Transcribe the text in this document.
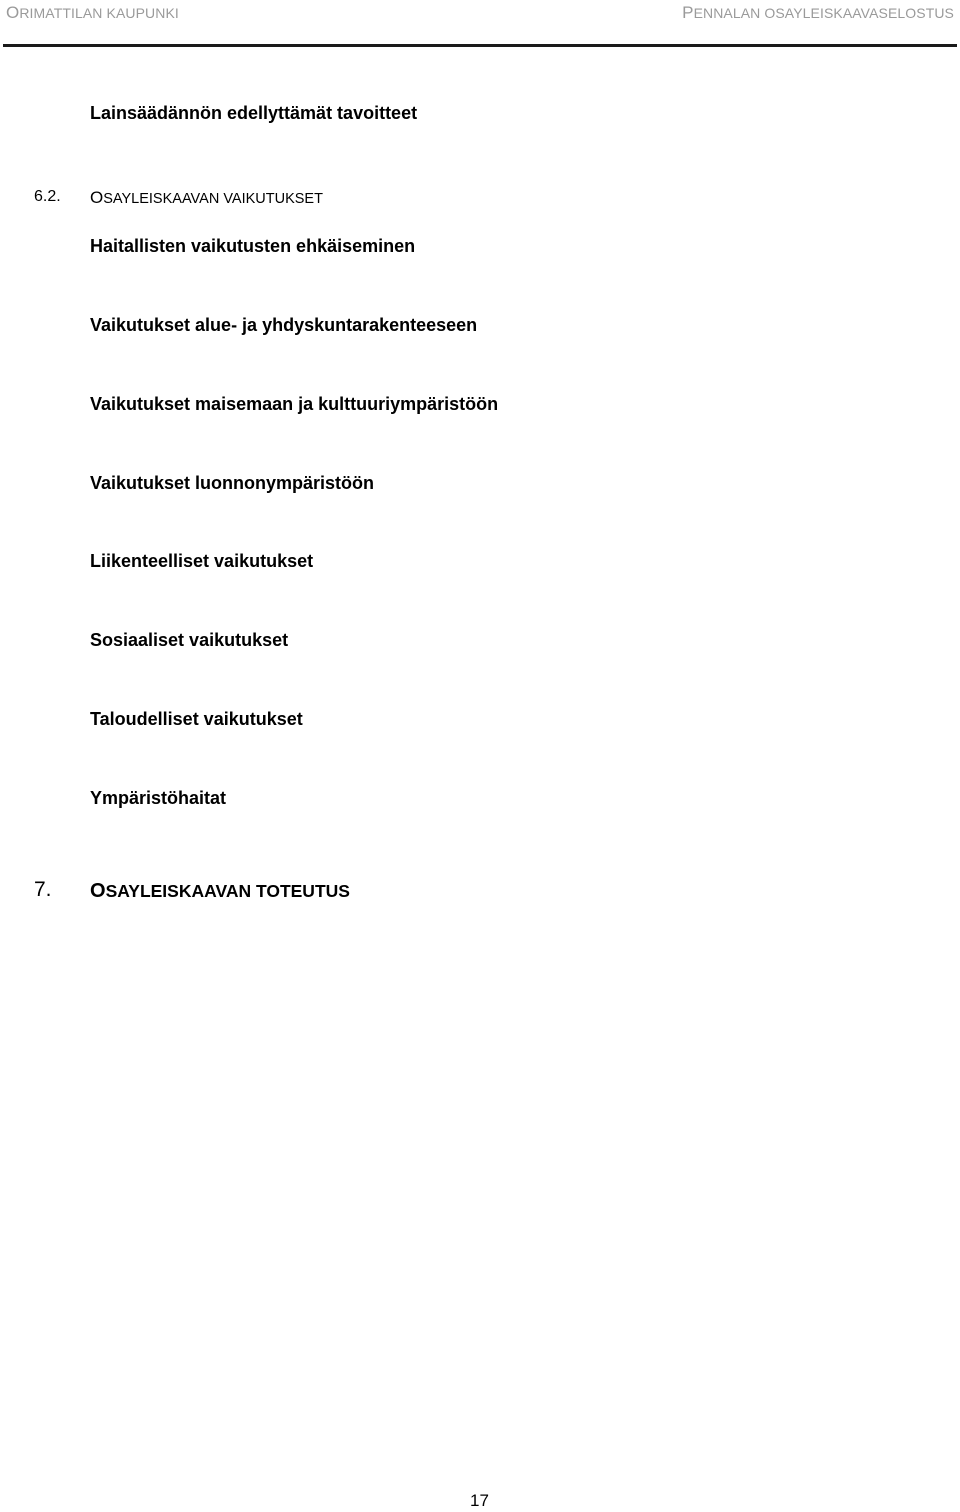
ORIMATTILAN KAUPUNKI	PENNALAN OSAYLEISKAAVASELOSTUS
Lainsäädännön edellyttämät tavoitteet
6.2. OSAYLEISKAAVAN VAIKUTUKSET
Haitallisten vaikutusten ehkäiseminen
Vaikutukset alue- ja yhdyskuntarakenteeseen
Vaikutukset maisemaan ja kulttuuriympäristöön
Vaikutukset luonnonympäristöön
Liikenteelliset vaikutukset
Sosiaaliset vaikutukset
Taloudelliset vaikutukset
Ympäristöhaitat
7. OSAYLEISKAAVAN TOTEUTUS
17
